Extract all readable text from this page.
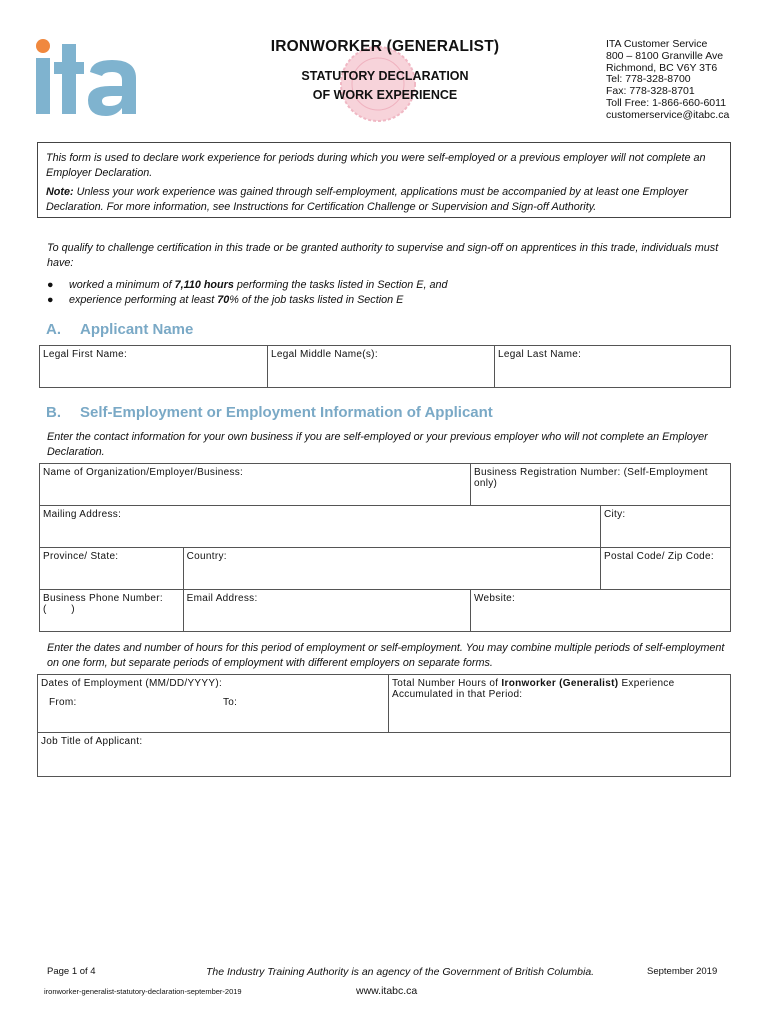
IRONWORKER (GENERALIST)
STATUTORY DECLARATION
OF WORK EXPERIENCE
ITA Customer Service
800 – 8100 Granville Ave
Richmond, BC V6Y 3T6
Tel: 778-328-8700
Fax: 778-328-8701
Toll Free: 1-866-660-6011
customerservice@itabc.ca

This form is used to declare work experience for periods during which you were self-employed or a previous employer will not complete an Employer Declaration.

Note: Unless your work experience was gained through self-employment, applications must be accompanied by at least one Employer Declaration. For more information, see Instructions for Certification Challenge or Supervision and Sign-off Authority.

To qualify to challenge certification in this trade or be granted authority to supervise and sign-off on apprentices in this trade, individuals must have:
●	worked a minimum of 7,110 hours performing the tasks listed in Section E, and
●	experience performing at least 70% of the job tasks listed in Section E
A. Applicant Name
Legal First Name:	Legal Middle Name(s):	Legal Last Name:
B. Self-Employment or Employment Information of Applicant
Enter the contact information for your own business if you are self-employed or your previous employer who will not complete an Employer Declaration.
Name of Organization/Employer/Business:		Business Registration Number: (Self-Employment only)	
Mailing Address:			City:
Province/ State:	Country:		Postal Code/ Zip Code:

Business Phone Number:
(        )	Email Address:	Website:	
Enter the dates and number of hours for this period of employment or self-employment. You may combine multiple periods of self-employment on one form, but separate periods of employment with different employers on separate forms.
Dates of Employment (MM/DD/YYYY):
From:	To:
	Total Number Hours of Ironworker (Generalist) Experience Accumulated in that Period:
Job Title of Applicant:
Page 1 of 4	The Industry Training Authority is an agency of the Government of British Columbia.	September 2019
ironworker-generalist-statutory-declaration-september-2019	www.itabc.ca
